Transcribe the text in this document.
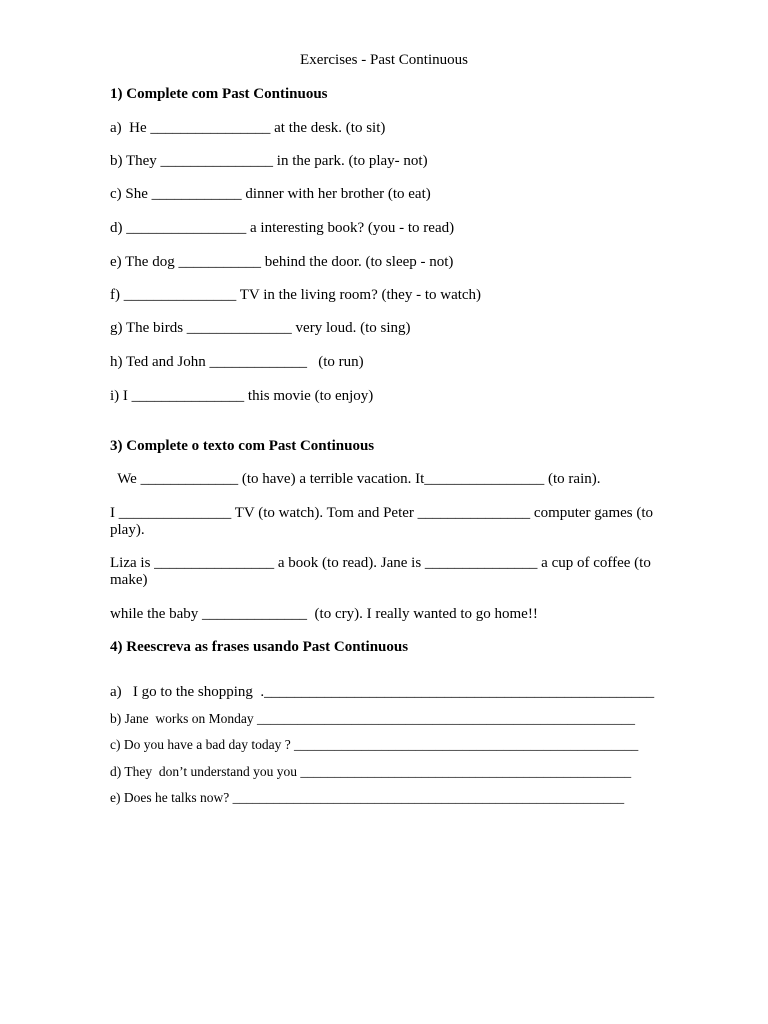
Exercises - Past Continuous
1) Complete com Past Continuous
a)  He ________________ at the desk. (to sit)
b) They _______________ in the park. (to play- not)
c) She ____________ dinner with her brother (to eat)
d) ________________ a interesting book? (you - to read)
e) The dog ___________ behind the door. (to sleep - not)
f) _______________ TV in the living room? (they - to watch)
g) The birds ______________ very loud. (to sing)
h) Ted and John _____________   (to run)
i) I _______________ this movie (to enjoy)
3) Complete o texto com Past Continuous
We _____________ (to have) a terrible vacation. It________________ (to rain).
I _______________ TV (to watch). Tom and Peter _______________ computer games (to play).
Liza is ________________ a book (to read). Jane is _______________ a cup of coffee (to make)
while the baby ______________  (to cry). I really wanted to go home!!
4) Reescreva as frases usando Past Continuous
a)   I go to the shopping  .____________________________________________________
b) Jane  works on Monday ________________________________________________________
c) Do you have a bad day today ? ___________________________________________________
d) They  don’t understand you you _________________________________________________
e) Does he talks now? __________________________________________________________
